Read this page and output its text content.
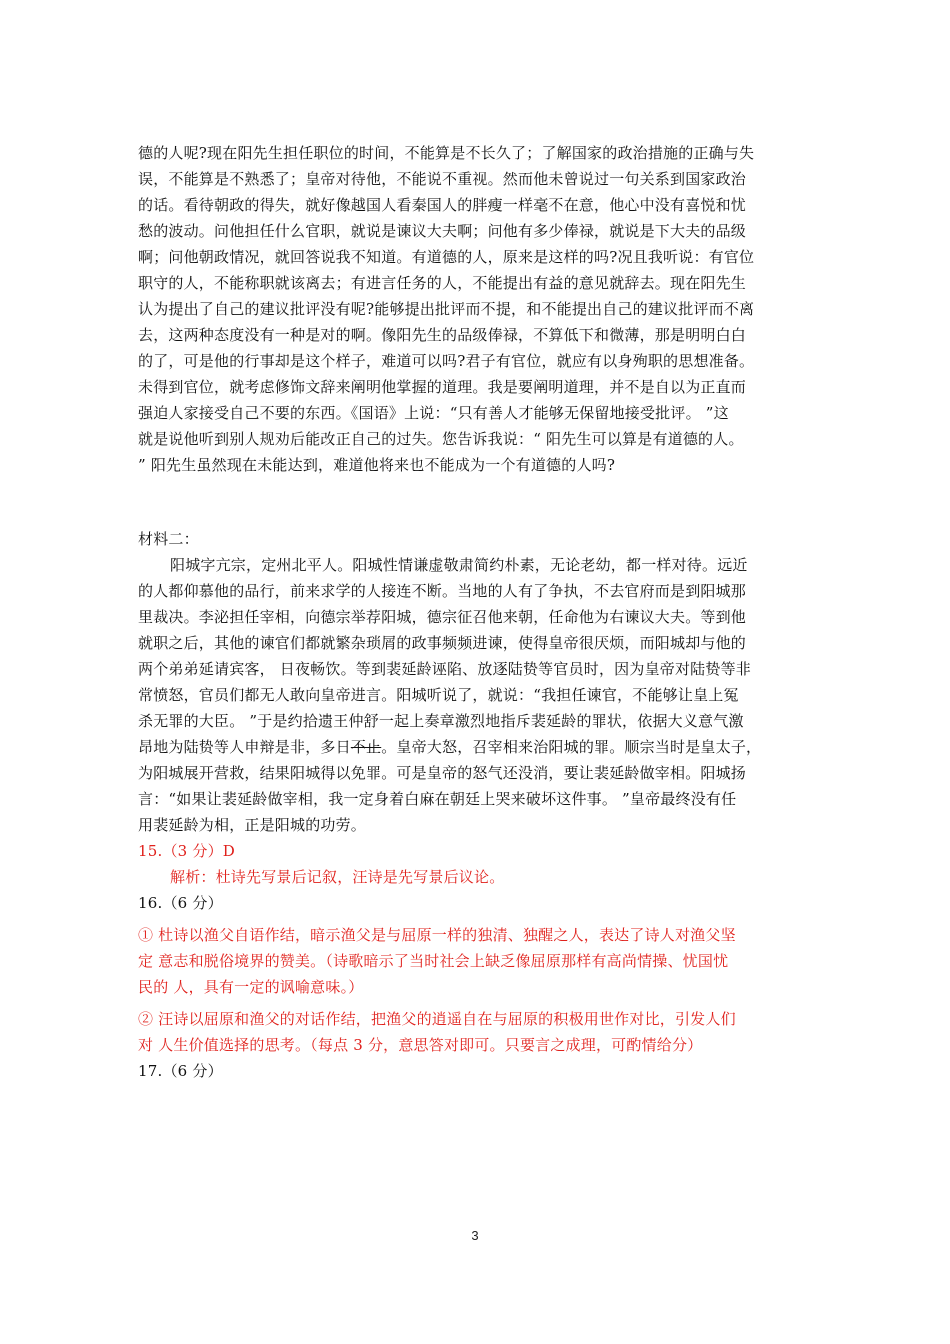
德的人呢?现在阳先生担任职位的时间，不能算是不长久了；了解国家的政治措施的正确与失
误，不能算是不熟悉了；皇帝对待他，不能说不重视。然而他未曾说过一句关系到国家政治
的话。看待朝政的得失，就好像越国人看秦国人的胖瘦一样毫不在意，他心中没有喜悦和忧
愁的波动。问他担任什么官职，就说是谏议大夫啊；问他有多少俸禄，就说是下大夫的品级
啊；问他朝政情况，就回答说我不知道。有道德的人，原来是这样的吗?况且我听说：有官位
职守的人，不能称职就该离去；有进言任务的人，不能提出有益的意见就辞去。现在阳先生
认为提出了自己的建议批评没有呢?能够提出批评而不提，和不能提出自己的建议批评而不离
去，这两种态度没有一种是对的啊。像阳先生的品级俸禄，不算低下和微薄，那是明明白白
的了，可是他的行事却是这个样子，难道可以吗?君子有官位，就应有以身殉职的思想准备。
未得到官位，就考虑修饰文辞来阐明他掌握的道理。我是要阐明道理，并不是自以为正直而
强迫人家接受自己不要的东西。《国语》上说：“只有善人才能够无保留地接受批评。 ”这
就是说他听到别人规劝后能改正自己的过失。您告诉我说：“ 阳先生可以算是有道德的人。
” 阳先生虽然现在未能达到，难道他将来也不能成为一个有道德的人吗?
材料二：
阳城字亢宗，定州北平人。阳城性情谦虚敬肃简约朴素，无论老幼，都一样对待。远近
的人都仰慕他的品行，前来求学的人接连不断。当地的人有了争执，不去官府而是到阳城那
里裁决。李泌担任宰相，向德宗举荐阳城，德宗征召他来朝，任命他为右谏议大夫。等到他
就职之后，其他的谏官们都就繁杂琐屑的政事频频进谏，使得皇帝很厌烦，而阳城却与他的
两个弟弟延请宾客， 日夜畅饮。等到裴延龄诬陷、放逐陆贽等官员时，因为皇帝对陆贽等非
常愤怒，官员们都无人敢向皇帝进言。阳城听说了，就说：“我担任谏官，不能够让皇上冤
杀无罪的大臣。 ”于是约拾遗王仲舒一起上奏章激烈地指斥裴延龄的罪状，依据大义意气激
昂地为陆贽等人申辩是非，多日不止。皇帝大怒，召宰相来治阳城的罪。顺宗当时是皇太子，
为阳城展开营救，结果阳城得以免罪。可是皇帝的怒气还没消，要让裴延龄做宰相。阳城扬
言：“如果让裴延龄做宰相，我一定身着白麻在朝廷上哭来破坏这件事。 ”皇帝最终没有任
用裴延龄为相，正是阳城的功劳。
15.（3 分）D
解析：杜诗先写景后记叙，汪诗是先写景后议论。
16.（6 分）
① 杜诗以渔父自语作结，暗示渔父是与屈原一样的独清、独醒之人，表达了诗人对渔父坚
定 意志和脱俗境界的赞美。（诗歌暗示了当时社会上缺乏像屈原那样有高尚情操、忧国忧
民的 人，具有一定的讽喻意味。）
② 汪诗以屈原和渔父的对话作结，把渔父的逍遥自在与屈原的积极用世作对比，引发人们
对 人生价值选择的思考。（每点 3 分，意思答对即可。只要言之成理，可酌情给分）
17.（6 分）
3
